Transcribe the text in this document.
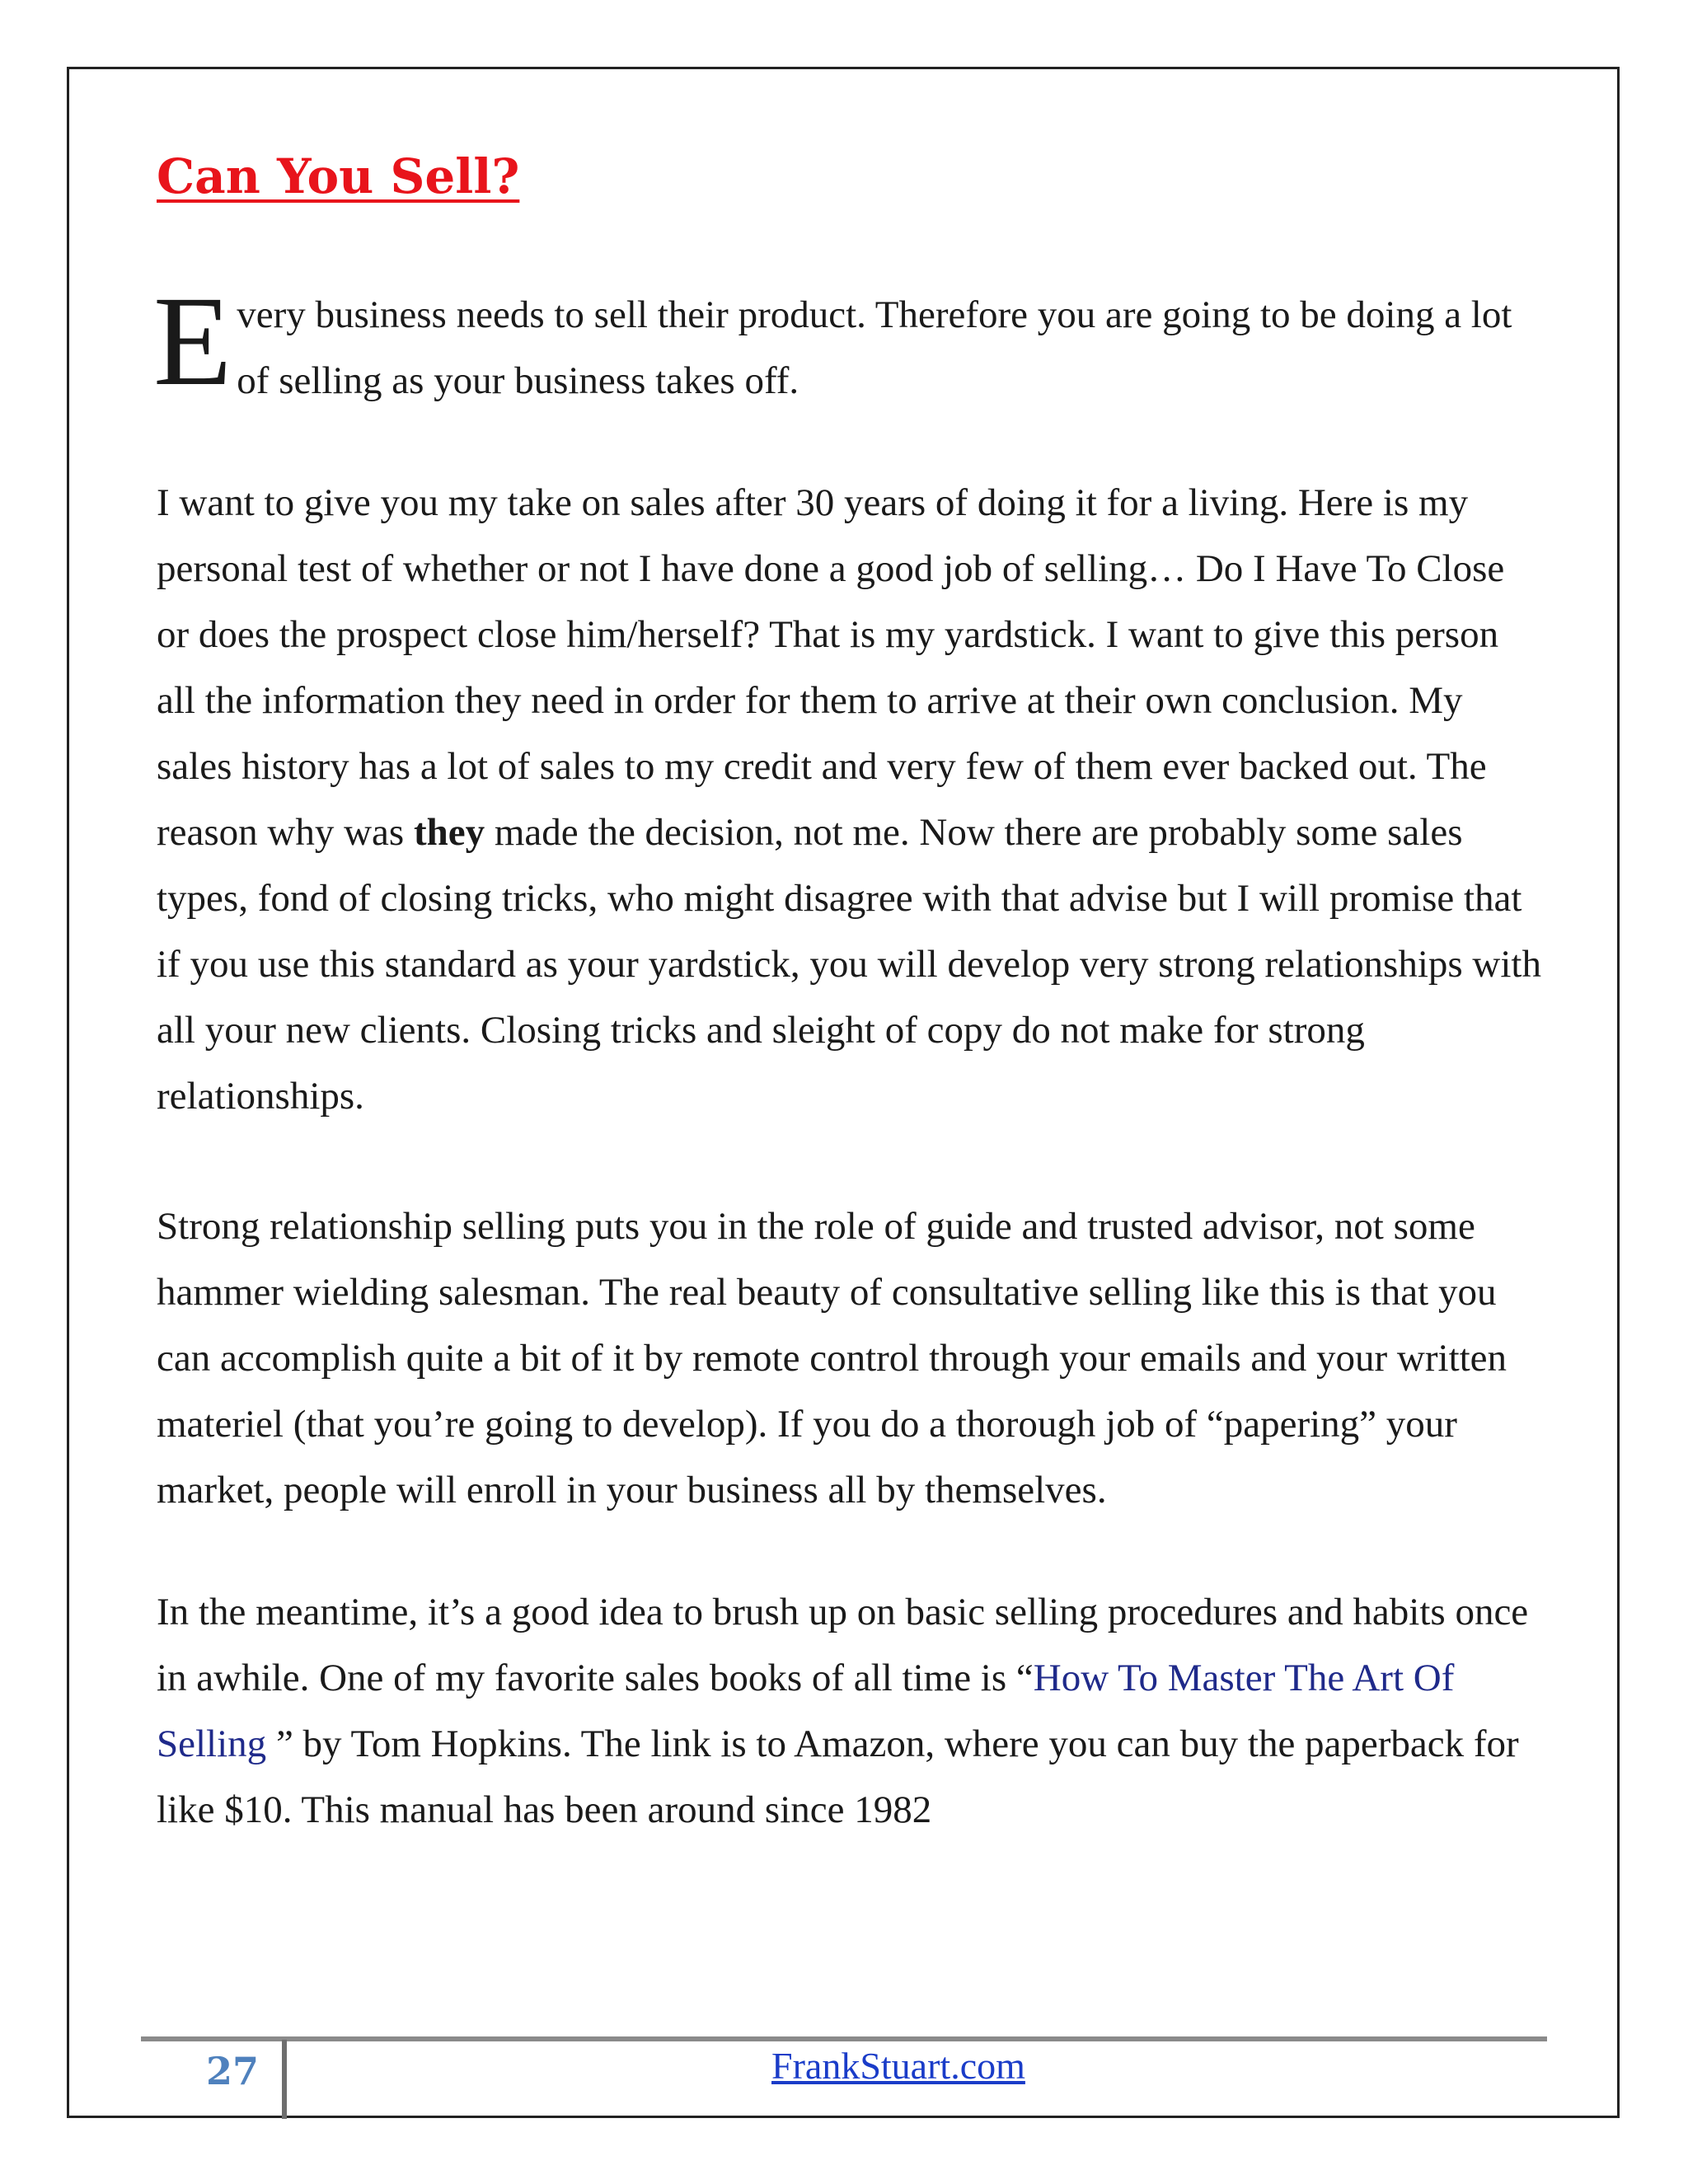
Can You Sell?

Every business needs to sell their product. Therefore you are going to be doing a lot of selling as your business takes off.

I want to give you my take on sales after 30 years of doing it for a living. Here is my personal test of whether or not I have done a good job of selling… Do I Have To Close or does the prospect close him/herself? That is my yardstick. I want to give this person all the information they need in order for them to arrive at their own conclusion. My sales history has a lot of sales to my credit and very few of them ever backed out. The reason why was they made the decision, not me. Now there are probably some sales types, fond of closing tricks, who might disagree with that advise but I will promise that if you use this standard as your yardstick, you will develop very strong relationships with all your new clients. Closing tricks and sleight of copy do not make for strong relationships.

Strong relationship selling puts you in the role of guide and trusted advisor, not some hammer wielding salesman. The real beauty of consultative selling like this is that you can accomplish quite a bit of it by remote control through your emails and your written materiel (that you’re going to develop). If you do a thorough job of “papering” your market, people will enroll in your business all by themselves.

In the meantime, it’s a good idea to brush up on basic selling procedures and habits once in awhile. One of my favorite sales books of all time is “How To Master The Art Of Selling ” by Tom Hopkins. The link is to Amazon, where you can buy the paperback for like $10. This manual has been around since 1982

27	FrankStuart.com
